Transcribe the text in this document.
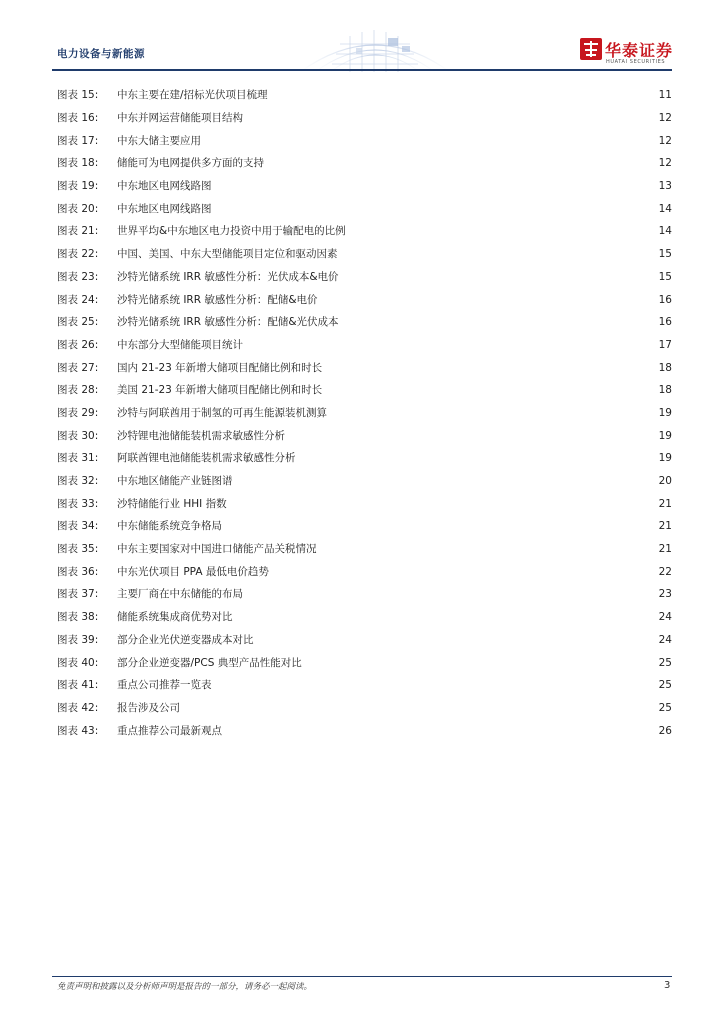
电力设备与新能源	华泰证券
HUATAI SECURITIES
图表 15:	中东主要在建/招标光伏项目梳理	11
图表 16:	中东并网运营储能项目结构	12
图表 17:	中东大储主要应用	12
图表 18:	储能可为电网提供多方面的支持	12
图表 19:	中东地区电网线路图	13
图表 20:	中东地区电网线路图	14
图表 21:	世界平均&中东地区电力投资中用于输配电的比例	14
图表 22:	中国、美国、中东大型储能项目定位和驱动因素	15
图表 23:	沙特光储系统 IRR 敏感性分析：光伏成本&电价	15
图表 24:	沙特光储系统 IRR 敏感性分析：配储&电价	16
图表 25:	沙特光储系统 IRR 敏感性分析：配储&光伏成本	16
图表 26:	中东部分大型储能项目统计	17
图表 27:	国内 21-23 年新增大储项目配储比例和时长	18
图表 28:	美国 21-23 年新增大储项目配储比例和时长	18
图表 29:	沙特与阿联酋用于制氢的可再生能源装机测算	19
图表 30:	沙特锂电池储能装机需求敏感性分析	19
图表 31:	阿联酋锂电池储能装机需求敏感性分析	19
图表 32:	中东地区储能产业链图谱	20
图表 33:	沙特储能行业 HHI 指数	21
图表 34:	中东储能系统竞争格局	21
图表 35:	中东主要国家对中国进口储能产品关税情况	21
图表 36:	中东光伏项目 PPA 最低电价趋势	22
图表 37:	主要厂商在中东储能的布局	23
图表 38:	储能系统集成商优势对比	24
图表 39:	部分企业光伏逆变器成本对比	24
图表 40:	部分企业逆变器/PCS 典型产品性能对比	25
图表 41:	重点公司推荐一览表	25
图表 42:	报告涉及公司	25
图表 43:	重点推荐公司最新观点	26
免责声明和披露以及分析师声明是报告的一部分，请务必一起阅读。	3
